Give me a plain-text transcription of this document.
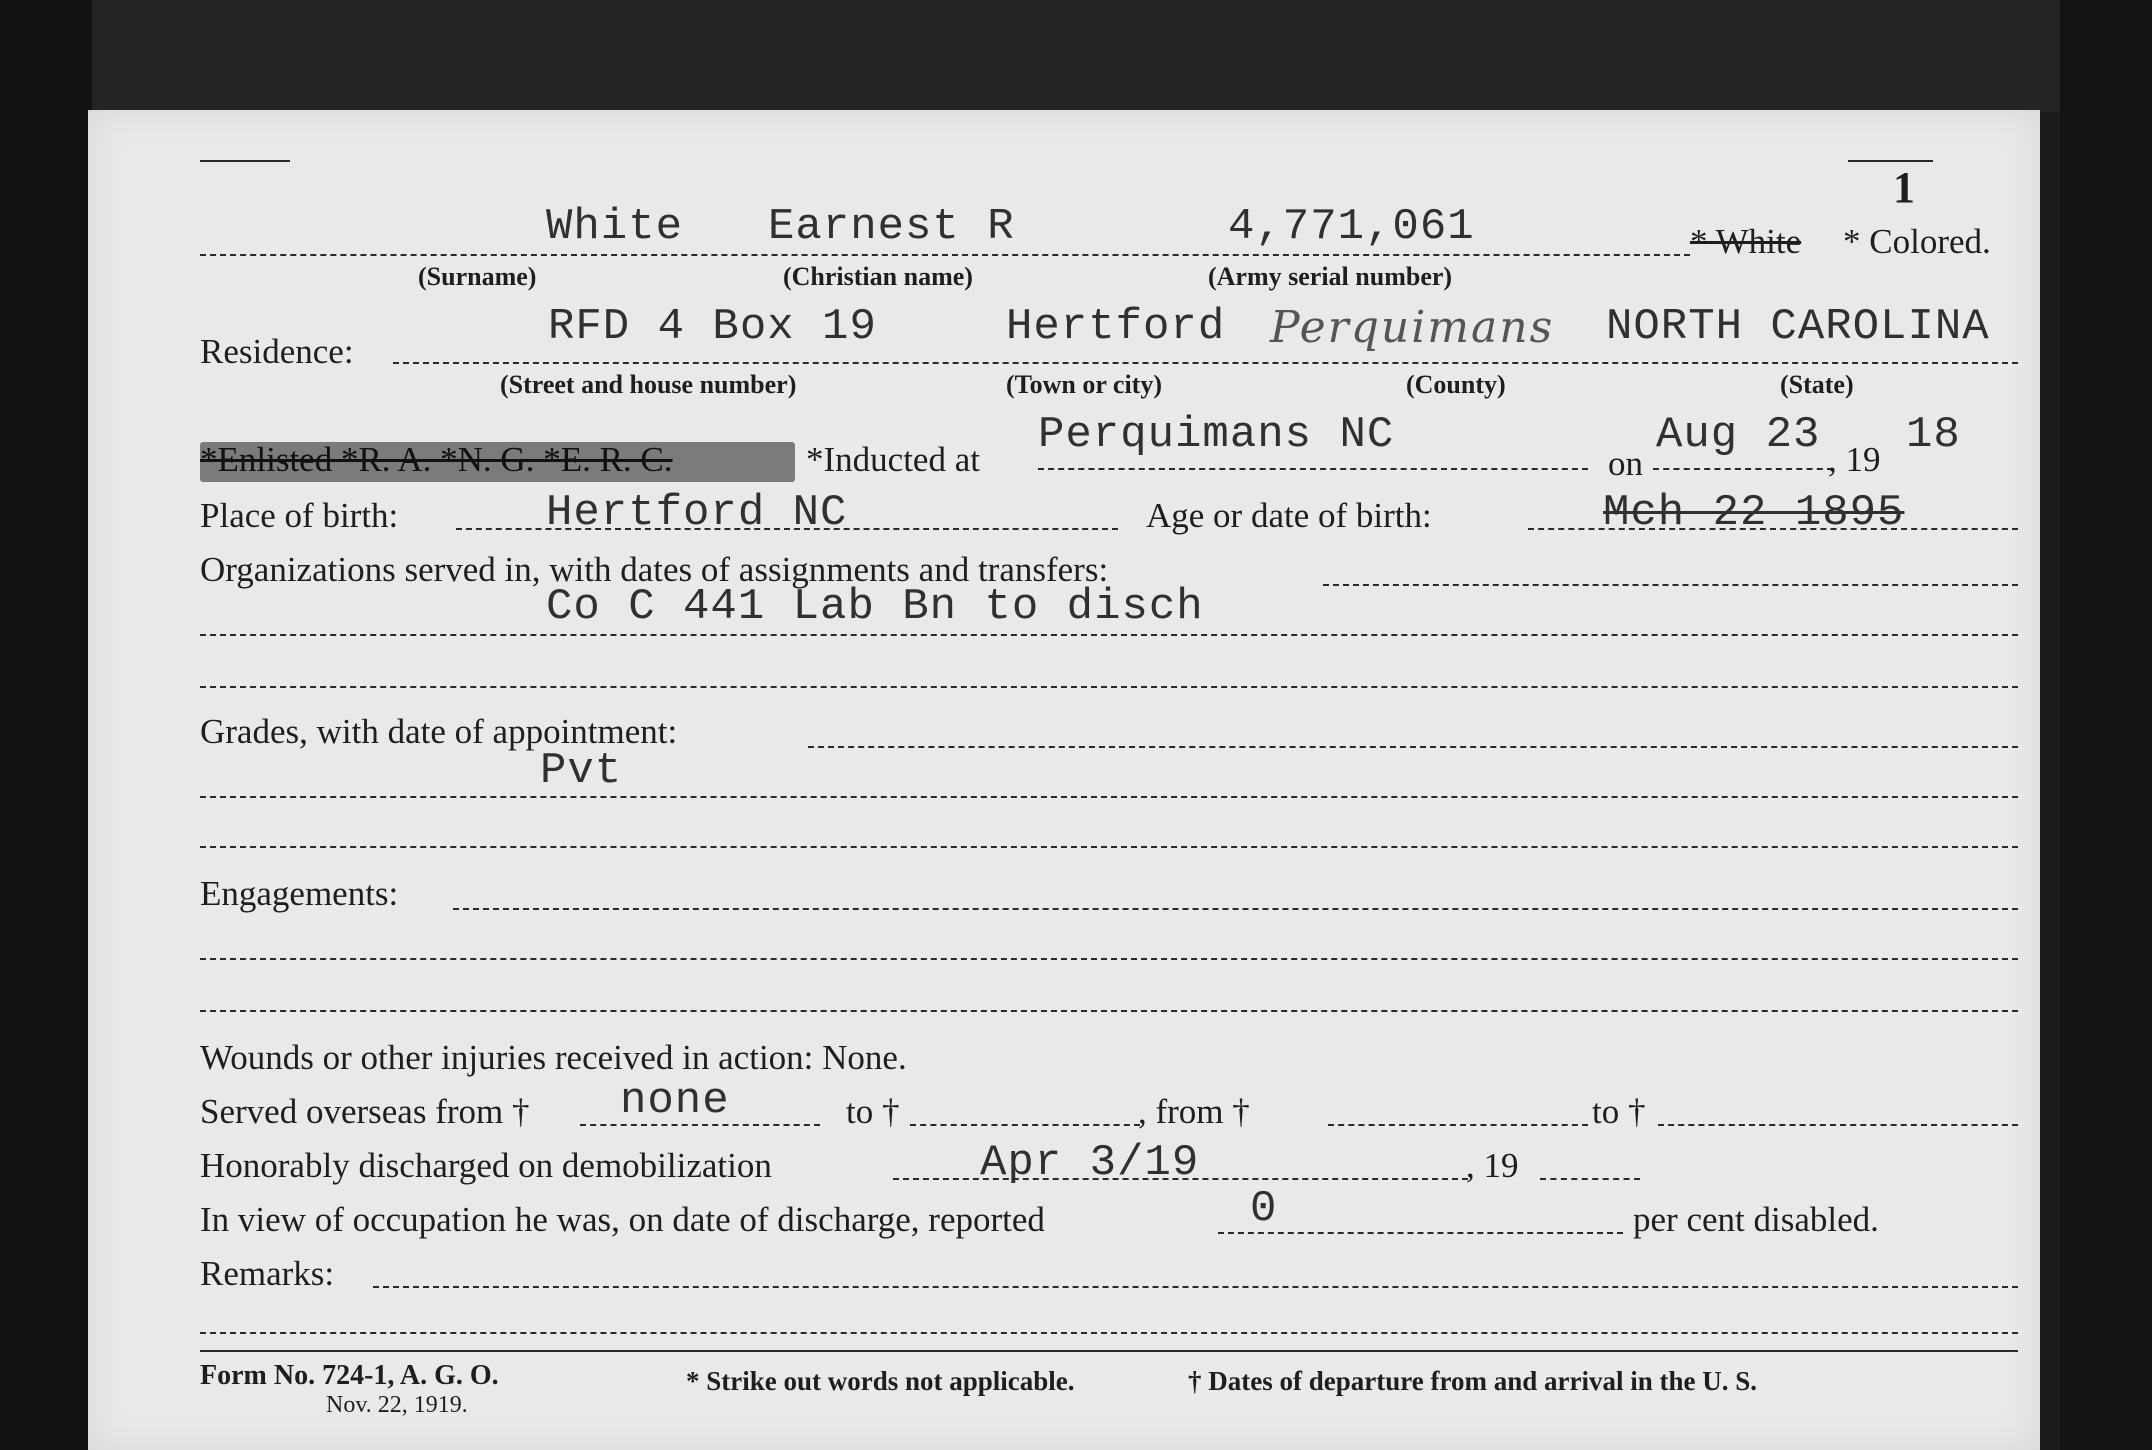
1
White Earnest R	4,771,061	* White * Colored.
(Surname)	(Christian name)	(Army serial number)
Residence:	RFD 4 Box 19	Hertford Perquimans NORTH CAROLINA
(Street and house number)	(Town or city)	(County)	(State)
*Enlisted *R. A. *N. G. *E. R. C.	*Inducted at Perquimans NC
on
Aug 23 , 19 18
Place of birth:	Hertford NC	Age or date of birth:	Mch 22 1895
Organizations served in, with dates of assignments and transfers:
Co C 441 Lab Bn to disch
Grades, with date of appointment:
Pvt
Engagements:
Wounds or other injuries received in action: None.
Served overseas from † none	to †	, from †	to †
Honorably discharged on demobilization	Apr 3/19	, 19
In view of occupation he was, on date of discharge, reported	0	per cent disabled.
Remarks:
Form No. 724-1, A. G. O.
Nov. 22, 1919.
* Strike out words not applicable.	† Dates of departure from and arrival in the U. S.
